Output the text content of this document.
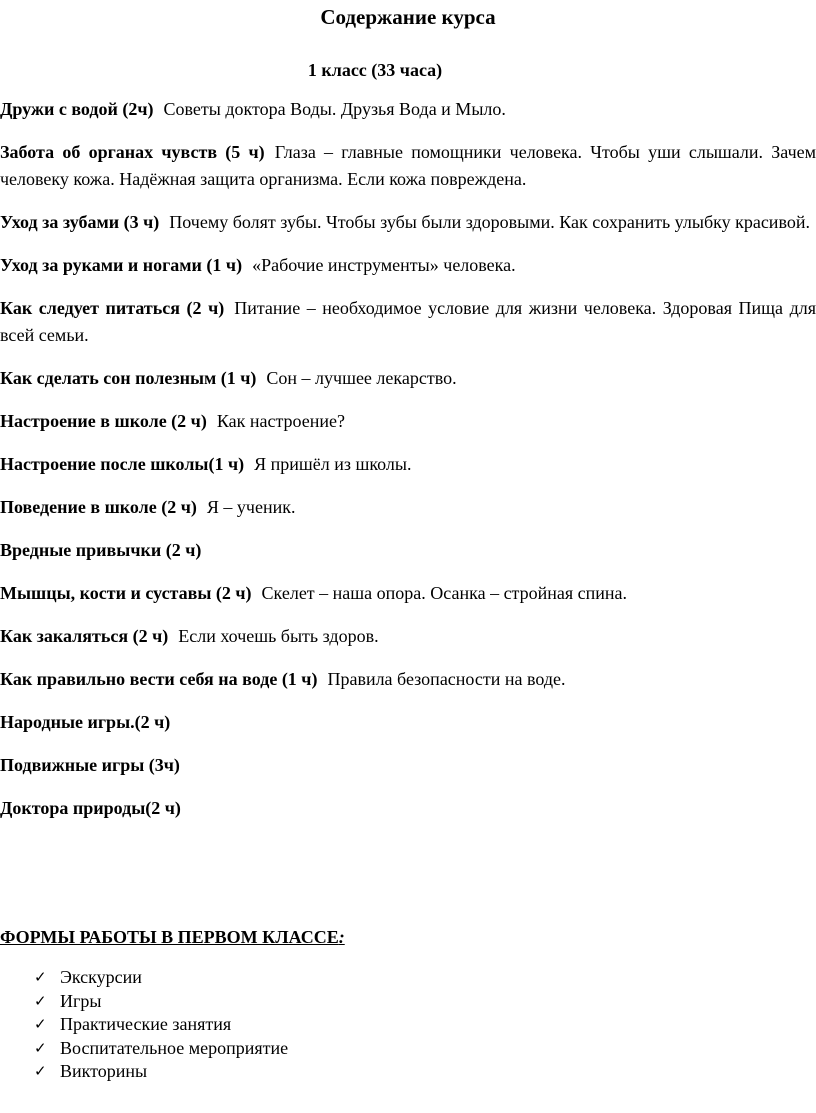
Содержание курса
1 класс (33 часа)

Дружи с водой (2ч) Советы доктора Воды. Друзья Вода и Мыло.

Забота об органах чувств (5 ч) Глаза – главные помощники человека. Чтобы уши слышали. Зачем человеку кожа. Надёжная защита организма. Если кожа повреждена.

Уход за зубами (3 ч) Почему болят зубы. Чтобы зубы были здоровыми. Как сохранить улыбку красивой.

Уход за руками и ногами (1 ч) «Рабочие инструменты» человека.

Как следует питаться (2 ч) Питание – необходимое условие для жизни человека. Здоровая Пища для всей семьи.

Как сделать сон полезным (1 ч) Сон – лучшее лекарство.

Настроение в школе (2 ч) Как настроение?

Настроение после школы(1 ч) Я пришёл из школы.

Поведение в школе (2 ч) Я – ученик.

Вредные привычки (2 ч)

Мышцы, кости и суставы (2 ч) Скелет – наша опора. Осанка – стройная спина.

Как закаляться (2 ч) Если хочешь быть здоров.

Как правильно вести себя на воде (1 ч) Правила безопасности на воде.

Народные игры.(2 ч)

Подвижные игры (3ч)

Доктора природы(2 ч)

ФОРМЫ РАБОТЫ В ПЕРВОМ КЛАССЕ:
✓ Экскурсии
✓ Игры
✓ Практические занятия
✓ Воспитательное мероприятие
✓ Викторины
